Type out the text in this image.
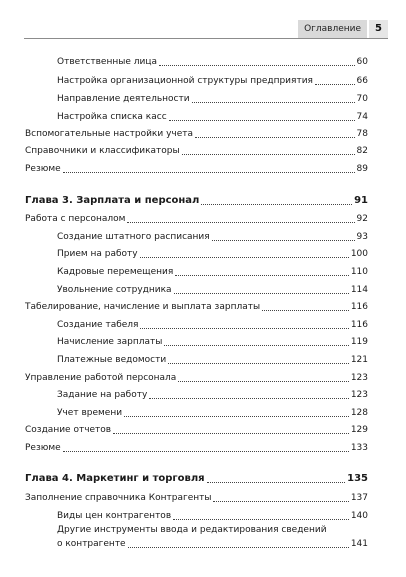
Оглавление	5
Ответственные лица	60
Настройка организационной структуры предприятия	66
Направление деятельности	70
Настройка списка касс	74
Вспомогательные настройки учета	78
Справочники и классификаторы	82
Резюме	89
Глава 3. Зарплата и персонал	91
Работа с персоналом	92
Создание штатного расписания	93
Прием на работу	100
Кадровые перемещения	110
Увольнение сотрудника	114
Табелирование, начисление и выплата зарплаты	116
Создание табеля	116
Начисление зарплаты	119
Платежные ведомости	121
Управление работой персонала	123
Задание на работу	123
Учет времени	128
Создание отчетов	129
Резюме	133
Глава 4. Маркетинг и торговля	135
Заполнение справочника Контрагенты	137
Виды цен контрагентов	140
Другие инструменты ввода и редактирования сведений
о контрагенте	141
